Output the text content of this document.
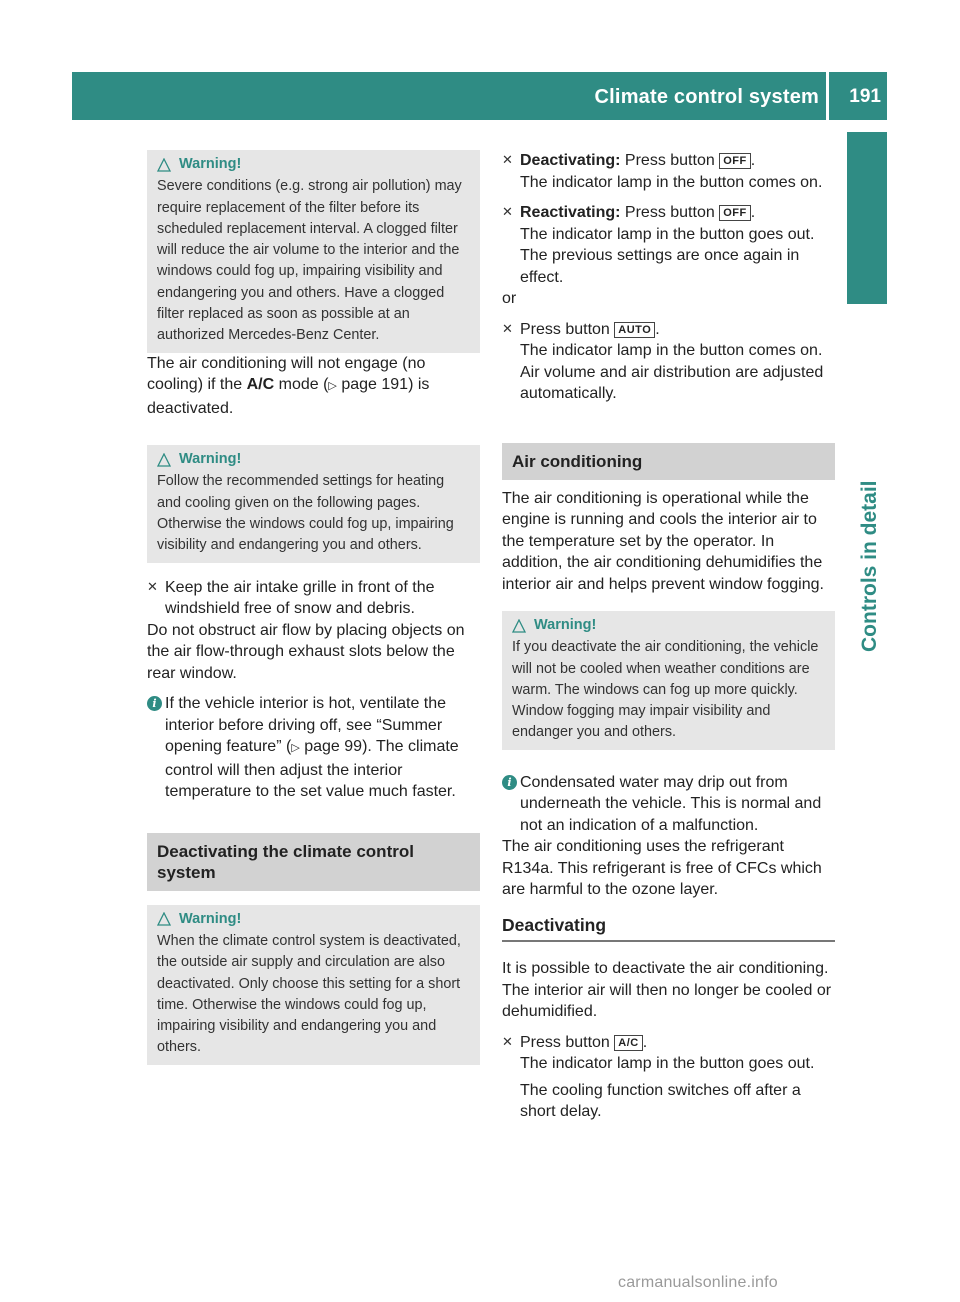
Climate control system 191
Controls in detail
Warning!
Severe conditions (e.g. strong air pollution) may require replacement of the filter before its scheduled replacement interval. A clogged filter will reduce the air volume to the interior and the windows could fog up, impairing visibility and endangering you and others. Have a clogged filter replaced as soon as possible at an authorized Mercedes-Benz Center.

The air conditioning will not engage (no cooling) if the A/C mode (▷ page 191) is deactivated.

Warning!
Follow the recommended settings for heating and cooling given on the following pages. Otherwise the windows could fog up, impairing visibility and endangering you and others.
✕ Keep the air intake grille in front of the windshield free of snow and debris.

Do not obstruct air flow by placing objects on the air flow-through exhaust slots below the rear window.

i If the vehicle interior is hot, ventilate the interior before driving off, see “Summer opening feature” (▷ page 99). The climate control will then adjust the interior temperature to the set value much faster.
Deactivating the climate control system
Warning!
When the climate control system is deactivated, the outside air supply and circulation are also deactivated. Only choose this setting for a short time. Otherwise the windows could fog up, impairing visibility and endangering you and others.
✕ Deactivating: Press button OFF .
The indicator lamp in the button comes on.
✕ Reactivating: Press button OFF .
The indicator lamp in the button goes out. The previous settings are once again in effect.

or

✕ Press button AUTO .
The indicator lamp in the button comes on. Air volume and air distribution are adjusted automatically.
Air conditioning

The air conditioning is operational while the engine is running and cools the interior air to the temperature set by the operator. In addition, the air conditioning dehumidifies the interior air and helps prevent window fogging.

Warning!
If you deactivate the air conditioning, the vehicle will not be cooled when weather conditions are warm. The windows can fog up more quickly. Window fogging may impair visibility and endanger you and others.
i Condensated water may drip out from underneath the vehicle. This is normal and not an indication of a malfunction.

The air conditioning uses the refrigerant R134a. This refrigerant is free of CFCs which are harmful to the ozone layer.

Deactivating

It is possible to deactivate the air conditioning. The interior air will then no longer be cooled or dehumidified.

✕ Press button A/C .
The indicator lamp in the button goes out.
The cooling function switches off after a short delay.
carmanualsonline.info
